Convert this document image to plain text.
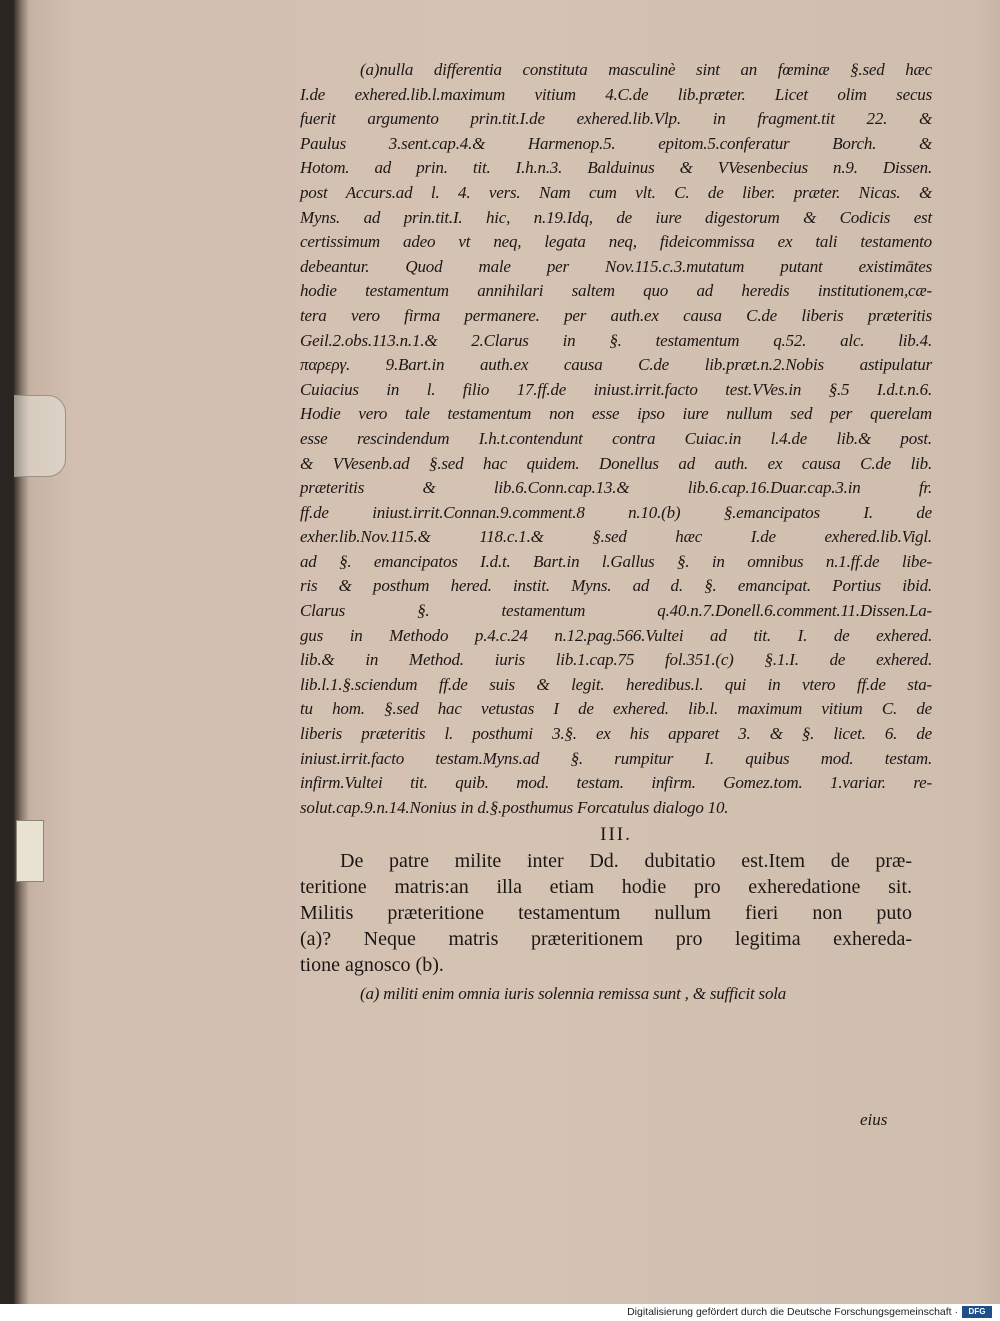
(a)nulla differentia constituta masculinè sint an fœminæ §.sed hæc
I.de exhered.lib.l.maximum vitium 4.C.de lib.præter. Licet olim secus
fuerit argumento prin.tit.I.de exhered.lib.Vlp. in fragment.tit 22. &
Paulus 3.sent.cap.4.& Harmenop.5. epitom.5.conferatur Borch. &
Hotom. ad prin. tit. I.h.n.3. Balduinus & VVesenbecius n.9. Dissen.
post Accurs.ad l. 4. vers. Nam cum vlt. C. de liber. præter. Nicas. &
Myns. ad prin.tit.I. hic, n.19.Idq, de iure digestorum & Codicis est
certissimum adeo vt neq, legata neq, fideicommissa ex tali testamento
debeantur. Quod male per Nov.115.c.3.mutatum putant existimātes
hodie testamentum annihilari saltem quo ad heredis institutionem,cæ-
tera vero firma permanere. per auth.ex causa C.de liberis præteritis
Geil.2.obs.113.n.1.& 2.Clarus in §. testamentum q.52. alc. lib.4.
παρεργ. 9.Bart.in auth.ex causa C.de lib.præt.n.2.Nobis astipulatur
Cuiacius in l. filio 17.ff.de iniust.irrit.facto test.VVes.in §.5 I.d.t.n.6.
Hodie vero tale testamentum non esse ipso iure nullum sed per querelam
esse rescindendum I.h.t.contendunt contra Cuiac.in l.4.de lib.& post.
& VVesenb.ad §.sed hac quidem. Donellus ad auth. ex causa C.de lib.
præteritis & lib.6.Conn.cap.13.& lib.6.cap.16.Duar.cap.3.in fr.
ff.de iniust.irrit.Connan.9.comment.8 n.10.(b) §.emancipatos I. de
exher.lib.Nov.115.& 118.c.1.& §.sed hæc I.de exhered.lib.Vigl.
ad §. emancipatos I.d.t. Bart.in l.Gallus §. in omnibus n.1.ff.de libe-
ris & posthum hered. instit. Myns. ad d. §. emancipat. Portius ibid.
Clarus §. testamentum q.40.n.7.Donell.6.comment.11.Dissen.La-
gus in Methodo p.4.c.24 n.12.pag.566.Vultei ad tit. I. de exhered.
lib.& in Method. iuris lib.1.cap.75 fol.351.(c) §.1.I. de exhered.
lib.l.1.§.sciendum ff.de suis & legit. heredibus.l. qui in vtero ff.de sta-
tu hom. §.sed hac vetustas I de exhered. lib.l. maximum vitium C. de
liberis præteritis l. posthumi 3.§. ex his apparet 3. & §. licet. 6. de
iniust.irrit.facto testam.Myns.ad §. rumpitur I. quibus mod. testam.
infirm.Vultei tit. quib. mod. testam. infirm. Gomez.tom. 1.variar. re-
solut.cap.9.n.14.Nonius in d.§.posthumus Forcatulus dialogo 10.
III.
De patre milite inter Dd. dubitatio est.Item de præ-
teritione matris:an illa etiam hodie pro exheredatione sit.
Militis præteritione testamentum nullum fieri non puto
(a)? Neque matris præteritionem pro legitima exhereda-
tione agnosco (b).
(a) militi enim omnia iuris solennia remissa sunt , & sufficit sola
eius
Digitalisierung gefördert durch die Deutsche Forschungsgemeinschaft ·	DFG
